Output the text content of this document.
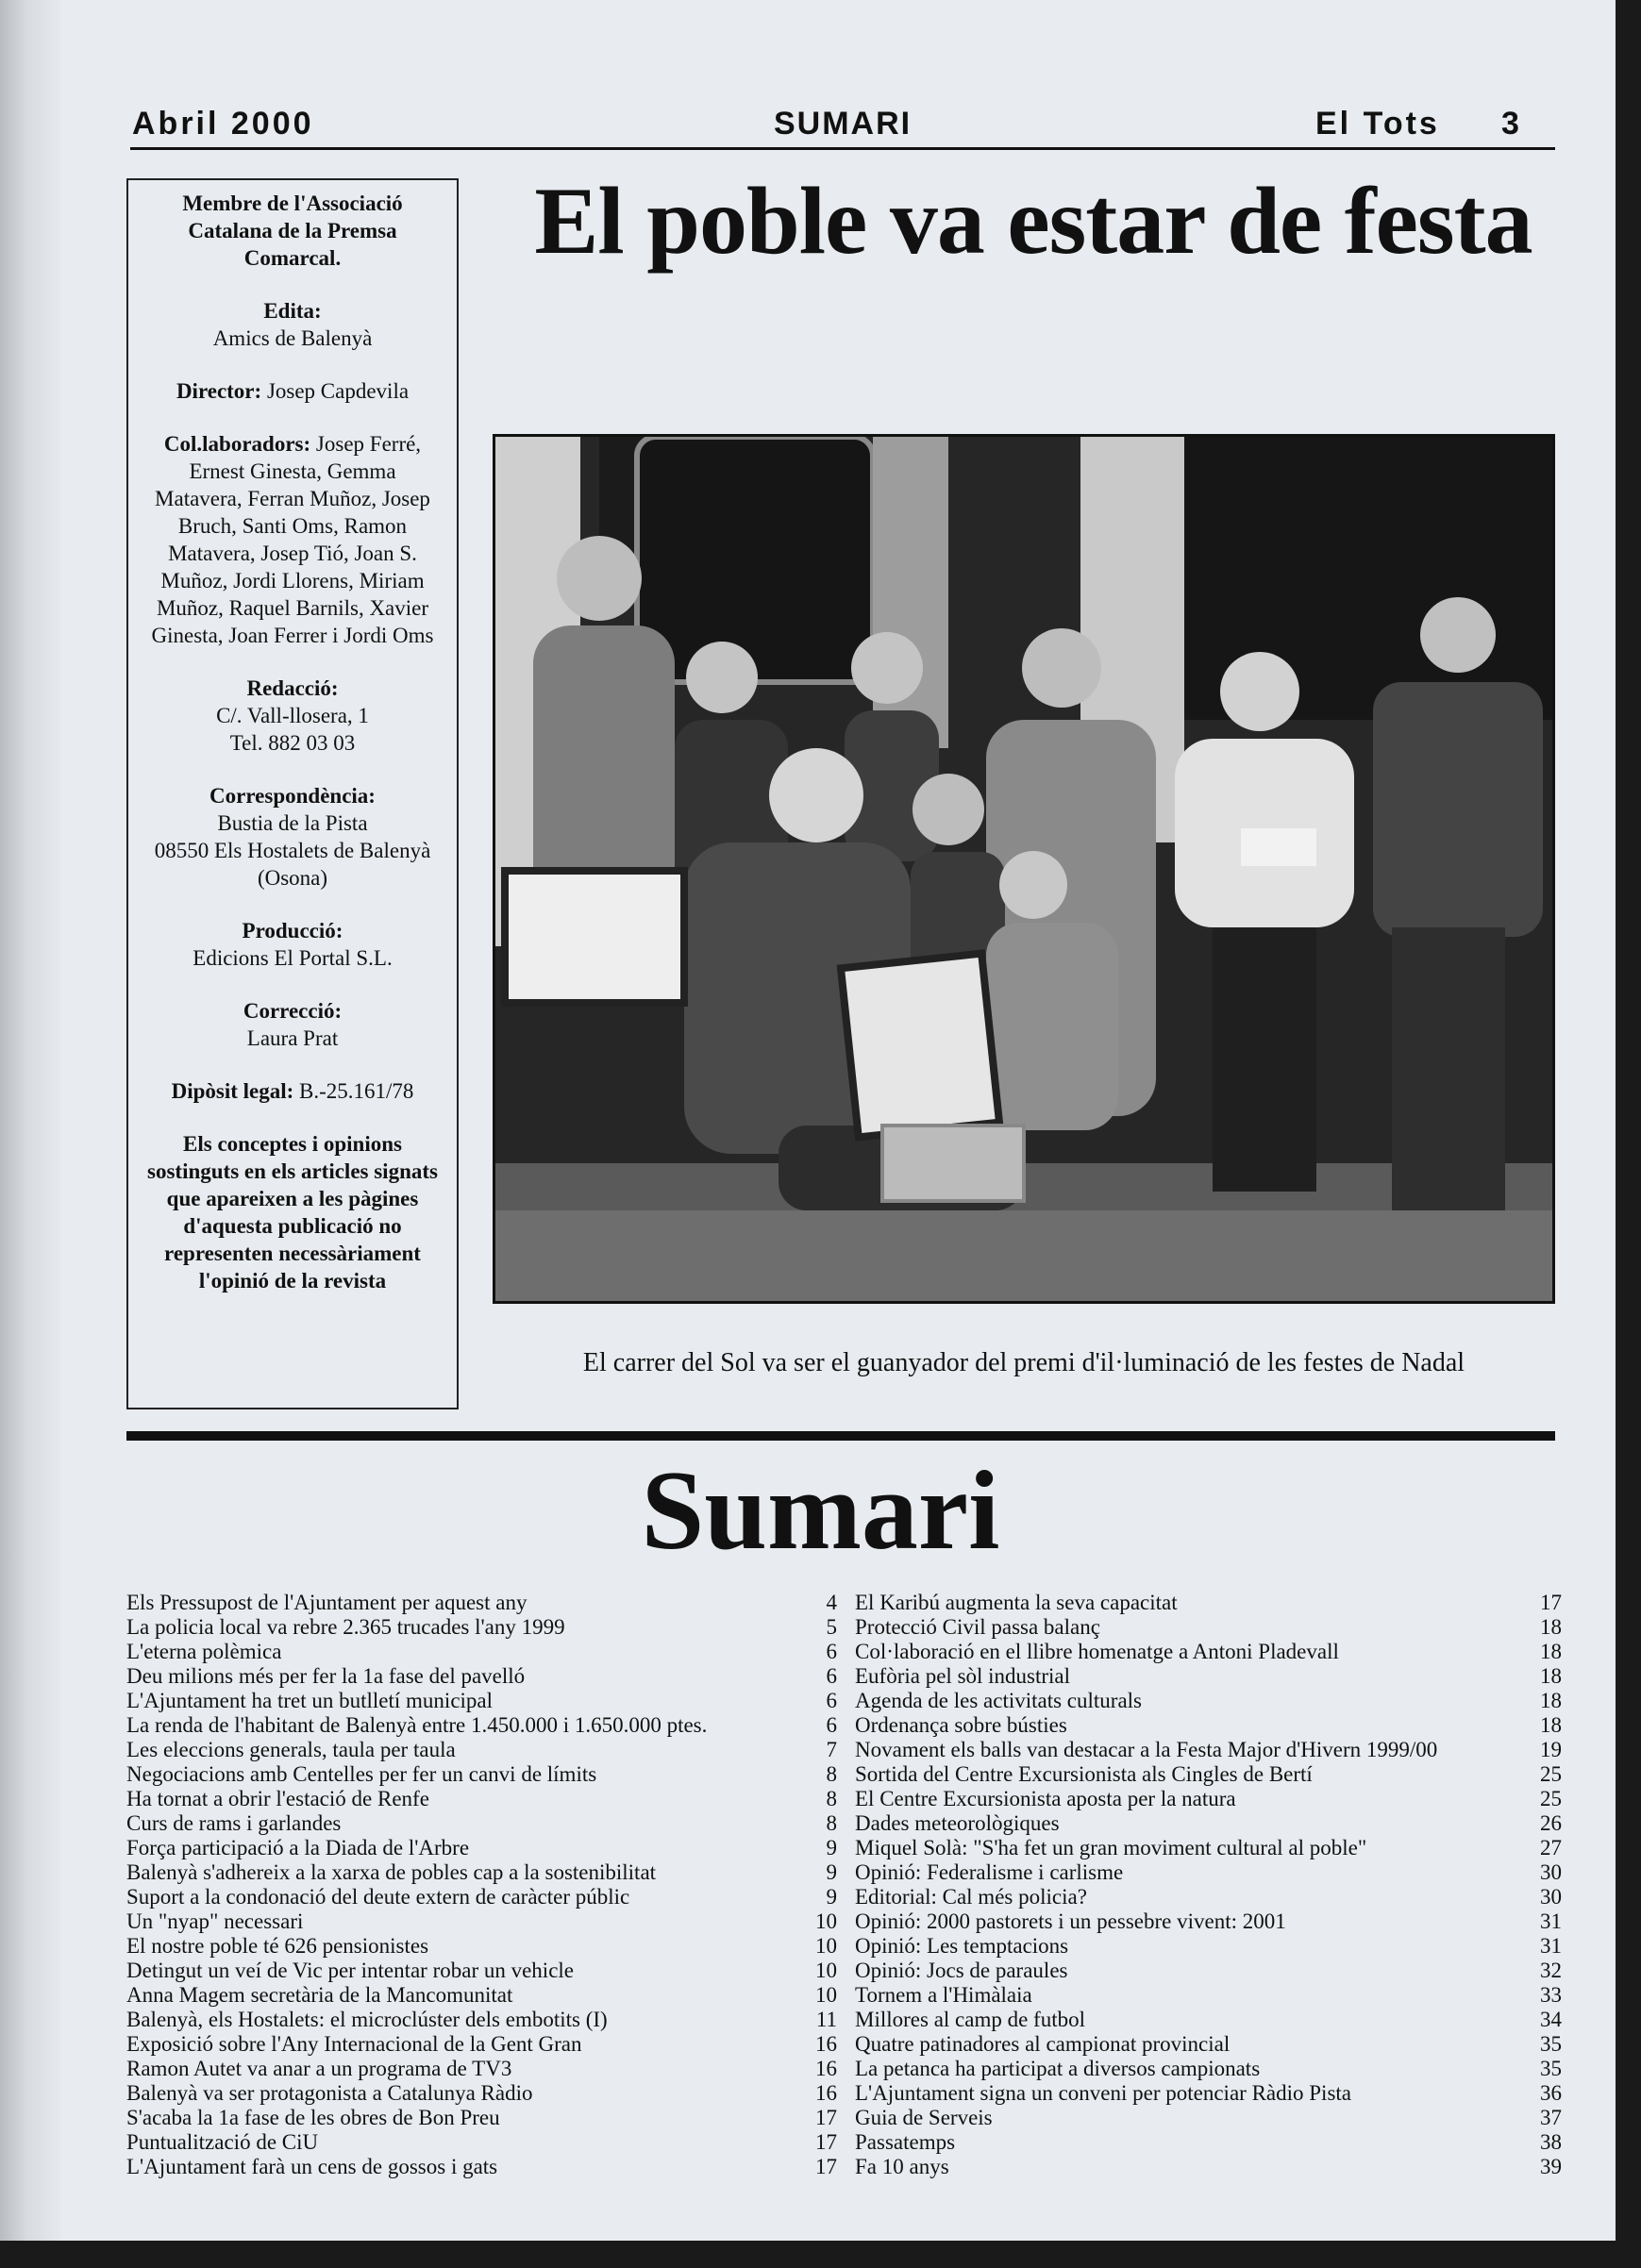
Abril 2000	SUMARI	El Tots 3
Membre de l'Associació Catalana de la Premsa Comarcal.
Edita:
Amics de Balenyà
Director: Josep Capdevila
Col.laboradors: Josep Ferré, Ernest Ginesta, Gemma Matavera, Ferran Muñoz, Josep Bruch, Santi Oms, Ramon Matavera, Josep Tió, Joan S. Muñoz, Jordi Llorens, Miriam Muñoz, Raquel Barnils, Xavier Ginesta, Joan Ferrer i Jordi Oms
Redacció:
C/. Vall-llosera, 1
Tel. 882 03 03
Correspondència:
Bustia de la Pista
08550 Els Hostalets de Balenyà (Osona)
Producció:
Edicions El Portal S.L.
Correcció:
Laura Prat
Dipòsit legal: B.-25.161/78
Els conceptes i opinions sostinguts en els articles signats que apareixen a les pàgines d'aquesta publicació no representen necessàriament l'opinió de la revista
El poble va estar de festa
El carrer del Sol va ser el guanyador del premi d'il·luminació de les festes de Nadal
Sumari
Els Pressupost de l'Ajuntament per aquest any	4
La policia local va rebre 2.365 trucades l'any 1999	5
L'eterna polèmica	6
Deu milions més per fer la 1a fase del pavelló	6
L'Ajuntament ha tret un butlletí municipal	6
La renda de l'habitant de Balenyà entre 1.450.000 i 1.650.000 ptes.	6
Les eleccions generals, taula per taula	7
Negociacions amb Centelles per fer un canvi de límits	8
Ha tornat a obrir l'estació de Renfe	8
Curs de rams i garlandes	8
Força participació a la Diada de l'Arbre	9
Balenyà s'adhereix a la xarxa de pobles cap a la sostenibilitat	9
Suport a la condonació del deute extern de caràcter públic	9
Un "nyap" necessari	10
El nostre poble té 626 pensionistes	10
Detingut un veí de Vic per intentar robar un vehicle	10
Anna Magem secretària de la Mancomunitat	10
Balenyà, els Hostalets: el microclúster dels embotits (I)	11
Exposició sobre l'Any Internacional de la Gent Gran	16
Ramon Autet va anar a un programa de TV3	16
Balenyà va ser protagonista a Catalunya Ràdio	16
S'acaba la 1a fase de les obres de Bon Preu	17
Puntualització de CiU	17
L'Ajuntament farà un cens de gossos i gats	17
El Karibú augmenta la seva capacitat	17
Protecció Civil passa balanç	18
Col·laboració en el llibre homenatge a Antoni Pladevall	18
Eufòria pel sòl industrial	18
Agenda de les activitats culturals	18
Ordenança sobre bústies	18
Novament els balls van destacar a la Festa Major d'Hivern 1999/00	19
Sortida del Centre Excursionista als Cingles de Bertí	25
El Centre Excursionista aposta per la natura	25
Dades meteorològiques	26
Miquel Solà: "S'ha fet un gran moviment cultural al poble"	27
Opinió: Federalisme i carlisme	30
Editorial: Cal més policia?	30
Opinió: 2000 pastorets i un pessebre vivent: 2001	31
Opinió: Les temptacions	31
Opinió: Jocs de paraules	32
Tornem a l'Himàlaia	33
Millores al camp de futbol	34
Quatre patinadores al campionat provincial	35
La petanca ha participat a diversos campionats	35
L'Ajuntament signa un conveni per potenciar Ràdio Pista	36
Guia de Serveis	37
Passatemps	38
Fa 10 anys	39
